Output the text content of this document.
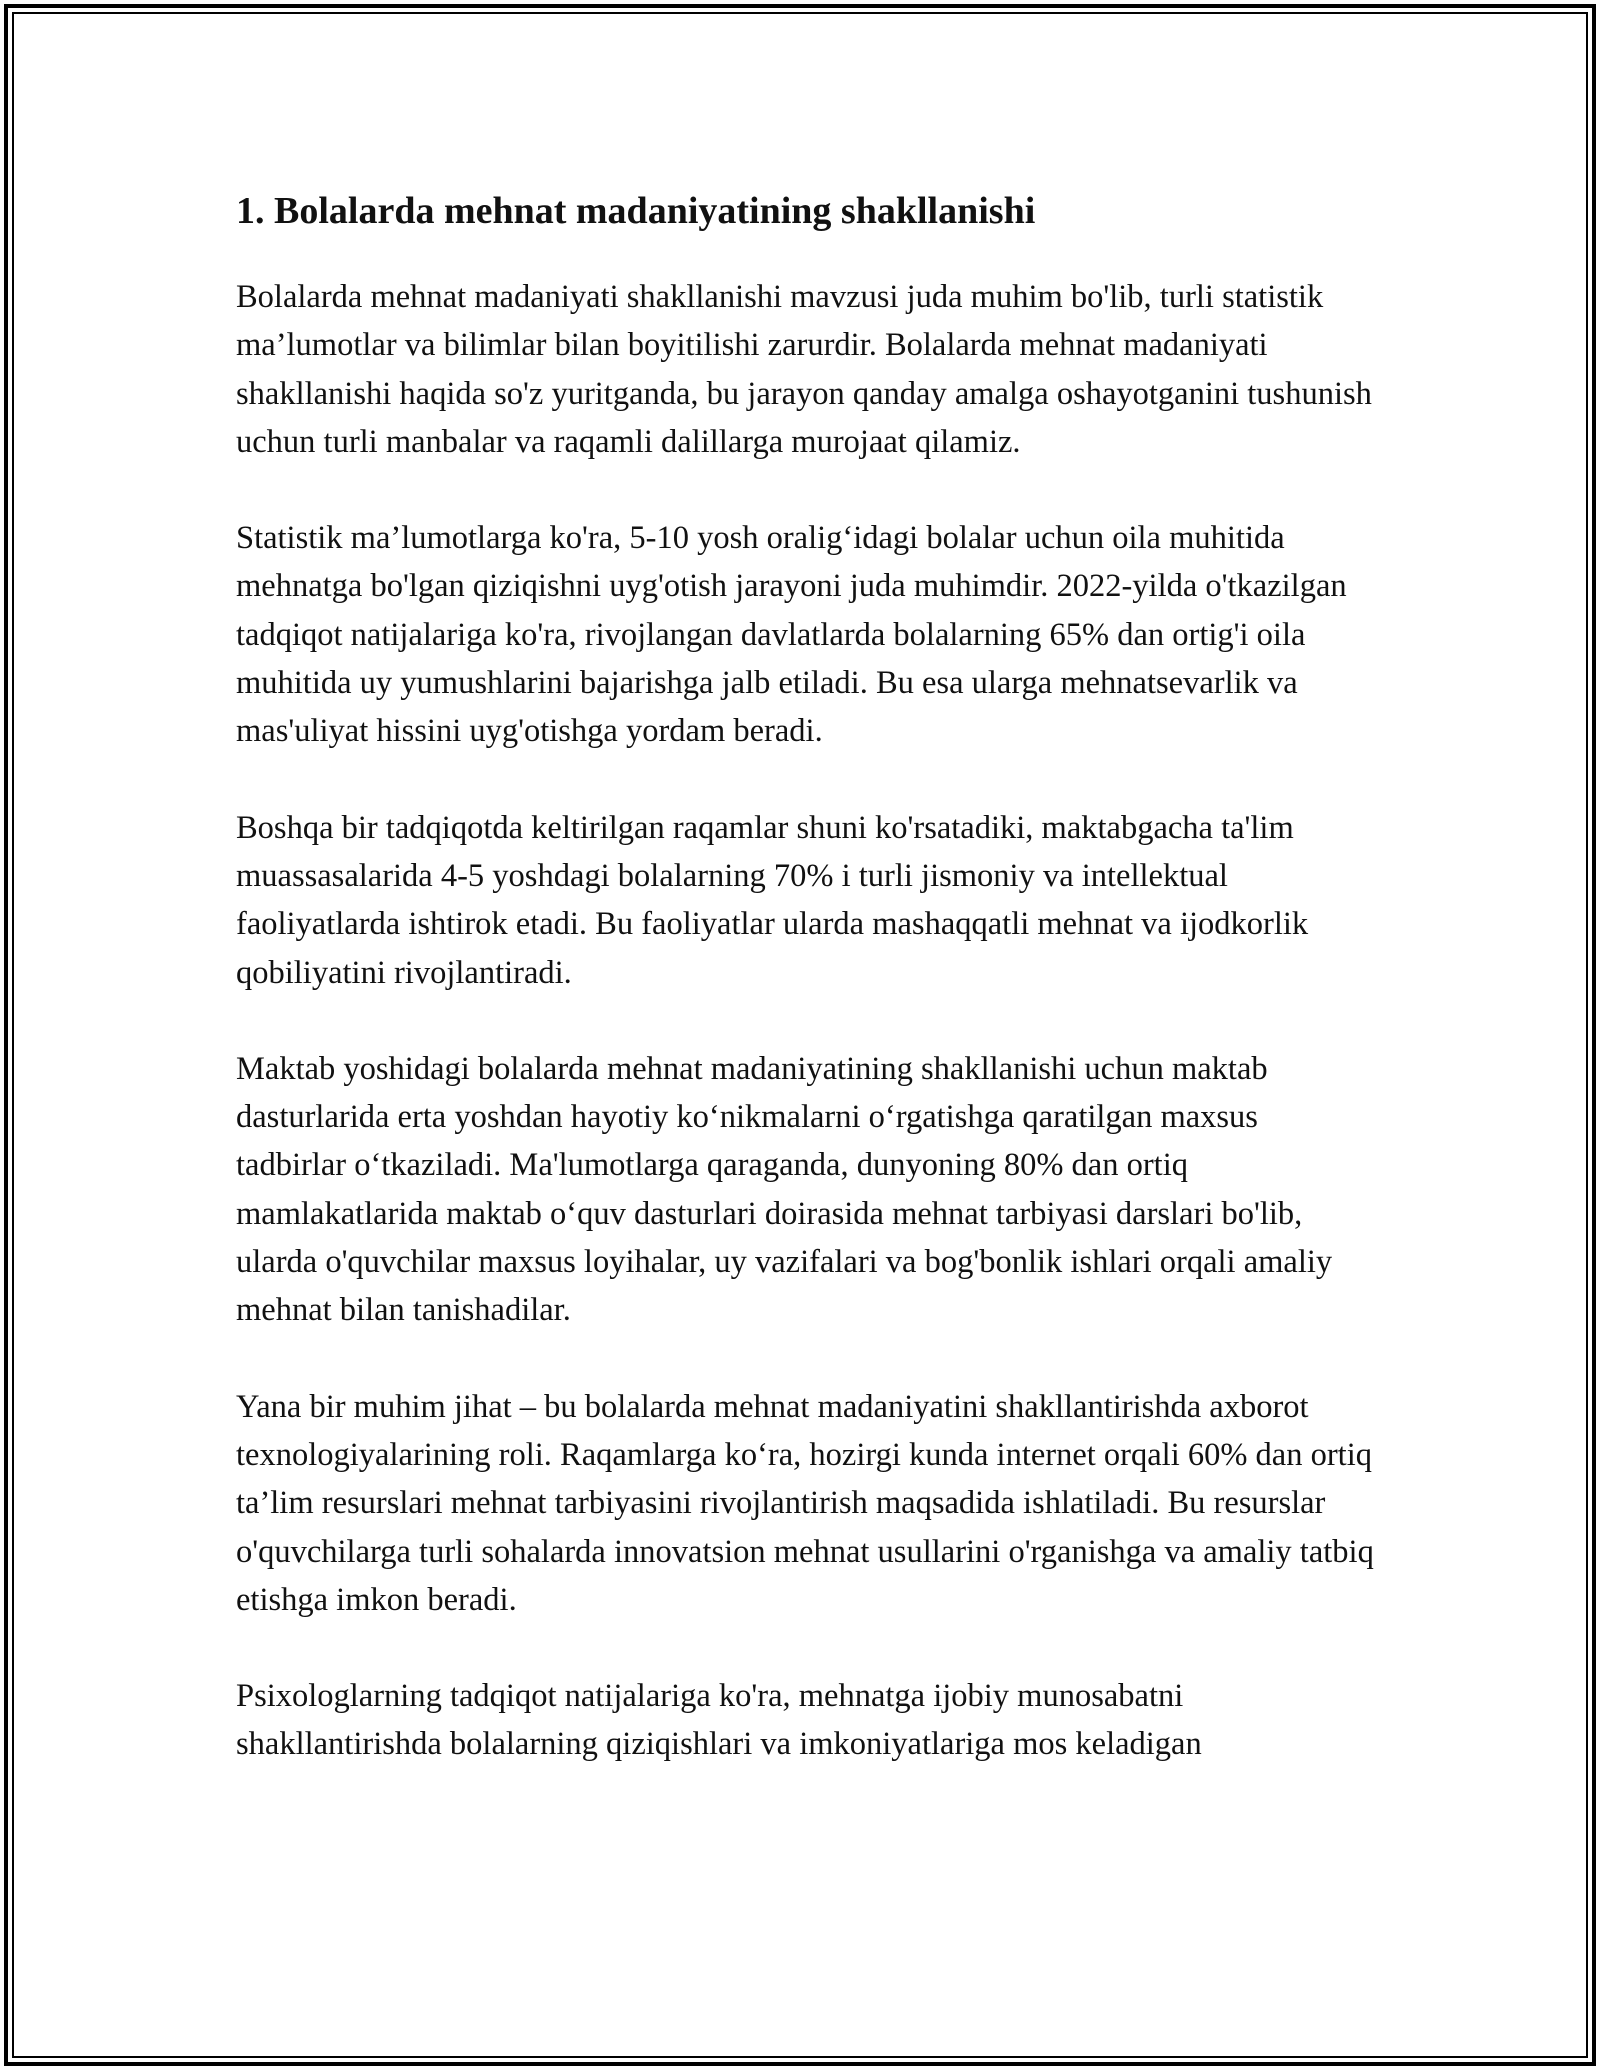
1. Bolalarda mehnat madaniyatining shakllanishi

Bolalarda mehnat madaniyati shakllanishi mavzusi juda muhim bo'lib, turli statistik ma’lumotlar va bilimlar bilan boyitilishi zarurdir. Bolalarda mehnat madaniyati shakllanishi haqida so'z yuritganda, bu jarayon qanday amalga oshayotganini tushunish uchun turli manbalar va raqamli dalillarga murojaat qilamiz.

Statistik ma’lumotlarga ko'ra, 5-10 yosh oralig‘idagi bolalar uchun oila muhitida mehnatga bo'lgan qiziqishni uyg'otish jarayoni juda muhimdir. 2022-yilda o'tkazilgan tadqiqot natijalariga ko'ra, rivojlangan davlatlarda bolalarning 65% dan ortig'i oila muhitida uy yumushlarini bajarishga jalb etiladi. Bu esa ularga mehnatsevarlik va mas'uliyat hissini uyg'otishga yordam beradi.

Boshqa bir tadqiqotda keltirilgan raqamlar shuni ko'rsatadiki, maktabgacha ta'lim muassasalarida 4-5 yoshdagi bolalarning 70% i turli jismoniy va intellektual faoliyatlarda ishtirok etadi. Bu faoliyatlar ularda mashaqqatli mehnat va ijodkorlik qobiliyatini rivojlantiradi.

Maktab yoshidagi bolalarda mehnat madaniyatining shakllanishi uchun maktab dasturlarida erta yoshdan hayotiy ko‘nikmalarni o‘rgatishga qaratilgan maxsus tadbirlar o‘tkaziladi. Ma'lumotlarga qaraganda, dunyoning 80% dan ortiq mamlakatlarida maktab o‘quv dasturlari doirasida mehnat tarbiyasi darslari bo'lib, ularda o'quvchilar maxsus loyihalar, uy vazifalari va bog'bonlik ishlari orqali amaliy mehnat bilan tanishadilar.

Yana bir muhim jihat – bu bolalarda mehnat madaniyatini shakllantirishda axborot texnologiyalarining roli. Raqamlarga ko‘ra, hozirgi kunda internet orqali 60% dan ortiq ta’lim resurslari mehnat tarbiyasini rivojlantirish maqsadida ishlatiladi. Bu resurslar o'quvchilarga turli sohalarda innovatsion mehnat usullarini o'rganishga va amaliy tatbiq etishga imkon beradi.

Psixologlarning tadqiqot natijalariga ko'ra, mehnatga ijobiy munosabatni shakllantirishda bolalarning qiziqishlari va imkoniyatlariga mos keladigan
